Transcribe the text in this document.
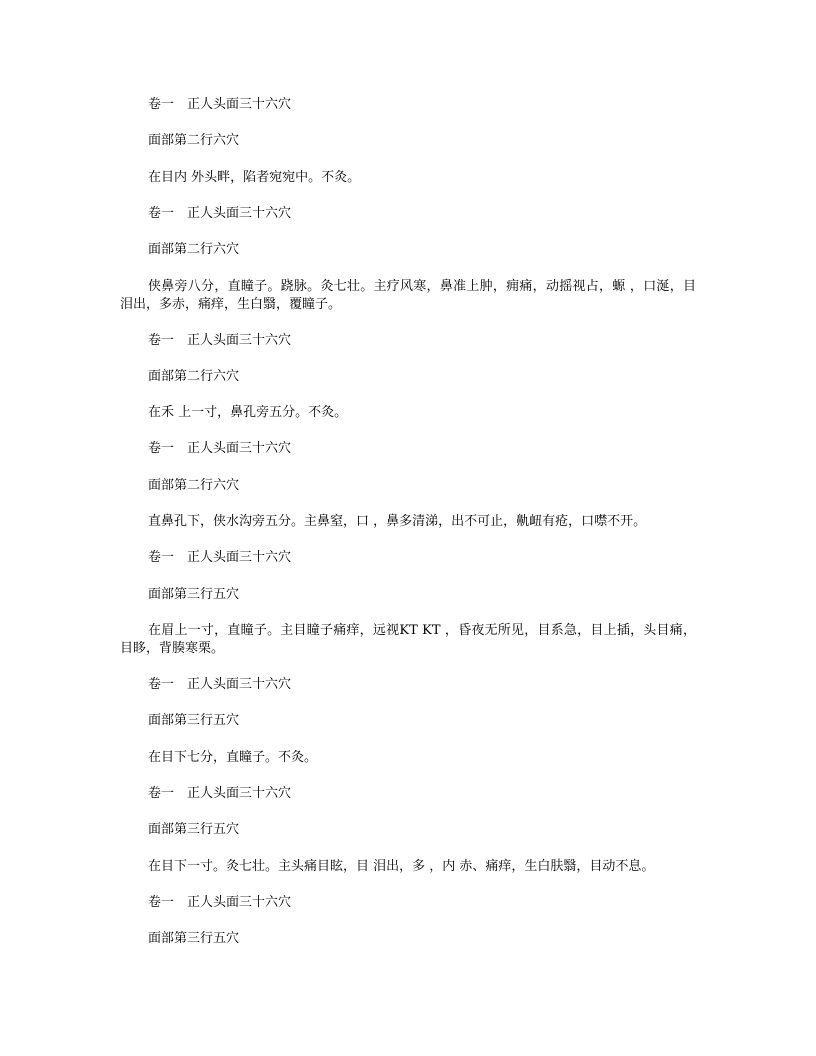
卷一　正人头面三十六穴

面部第二行六穴

在目内 外头畔，陷者宛宛中。不灸。

卷一　正人头面三十六穴

面部第二行六穴

侠鼻旁八分，直瞳子。跷脉。灸七壮。主疗风寒，鼻准上肿，痈痛，动摇视占，螈 ，口涎，目泪出，多赤，痛痒，生白翳，覆瞳子。

卷一　正人头面三十六穴

面部第二行六穴

在禾 上一寸，鼻孔旁五分。不灸。

卷一　正人头面三十六穴

面部第二行六穴

直鼻孔下，侠水沟旁五分。主鼻窒，口 ，鼻多清涕，出不可止，鼽衄有疮，口噤不开。

卷一　正人头面三十六穴

面部第三行五穴

在眉上一寸，直瞳子。主目瞳子痛痒，远视KT KT ，昏夜无所见，目系急，目上插，头目痛，目眵，背腠寒栗。

卷一　正人头面三十六穴

面部第三行五穴

在目下七分，直瞳子。不灸。

卷一　正人头面三十六穴

面部第三行五穴

在目下一寸。灸七壮。主头痛目眩，目 泪出，多 ，内 赤、痛痒，生白肤翳，目动不息。

卷一　正人头面三十六穴

面部第三行五穴
